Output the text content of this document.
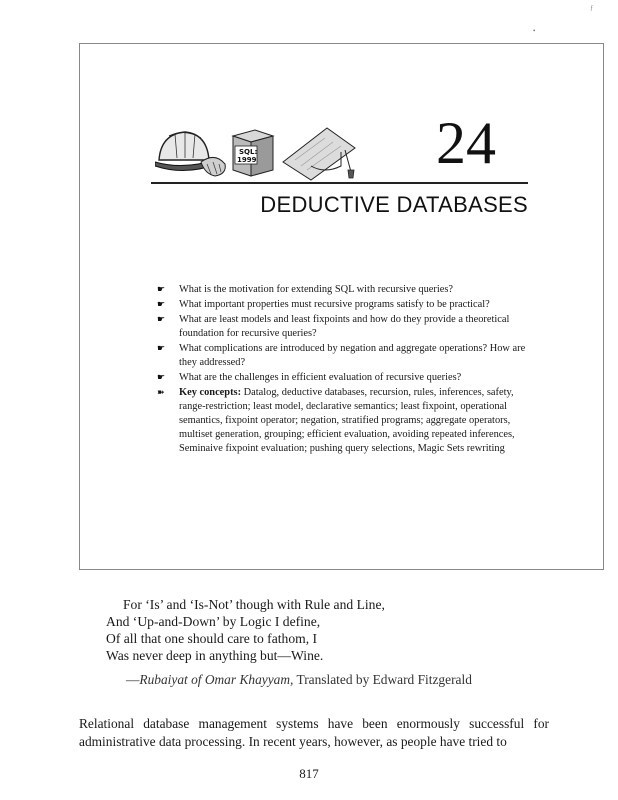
ƒ
•
SQL:
1999	24
DEDUCTIVE DATABASES
☛ What is the motivation for extending SQL with recursive queries?
☛ What important properties must recursive programs satisfy to be practical?
☛ What are least models and least fixpoints and how do they provide a theoretical foundation for recursive queries?
☛ What complications are introduced by negation and aggregate operations? How are they addressed?
☛ What are the challenges in efficient evaluation of recursive queries?
➽ Key concepts: Datalog, deductive databases, recursion, rules, inferences, safety, range-restriction; least model, declarative semantics; least fixpoint, operational semantics, fixpoint operator; negation, stratified programs; aggregate operators, multiset generation, grouping; efficient evaluation, avoiding repeated inferences, Seminaive fixpoint evaluation; pushing query selections, Magic Sets rewriting
For ‘Is’ and ‘Is-Not’ though with Rule and Line,
And ‘Up-and-Down’ by Logic I define,
Of all that one should care to fathom, I
Was never deep in anything but—Wine.
—Rubaiyat of Omar Khayyam, Translated by Edward Fitzgerald
Relational database management systems have been enormously successful for administrative data processing. In recent years, however, as people have tried to
817
